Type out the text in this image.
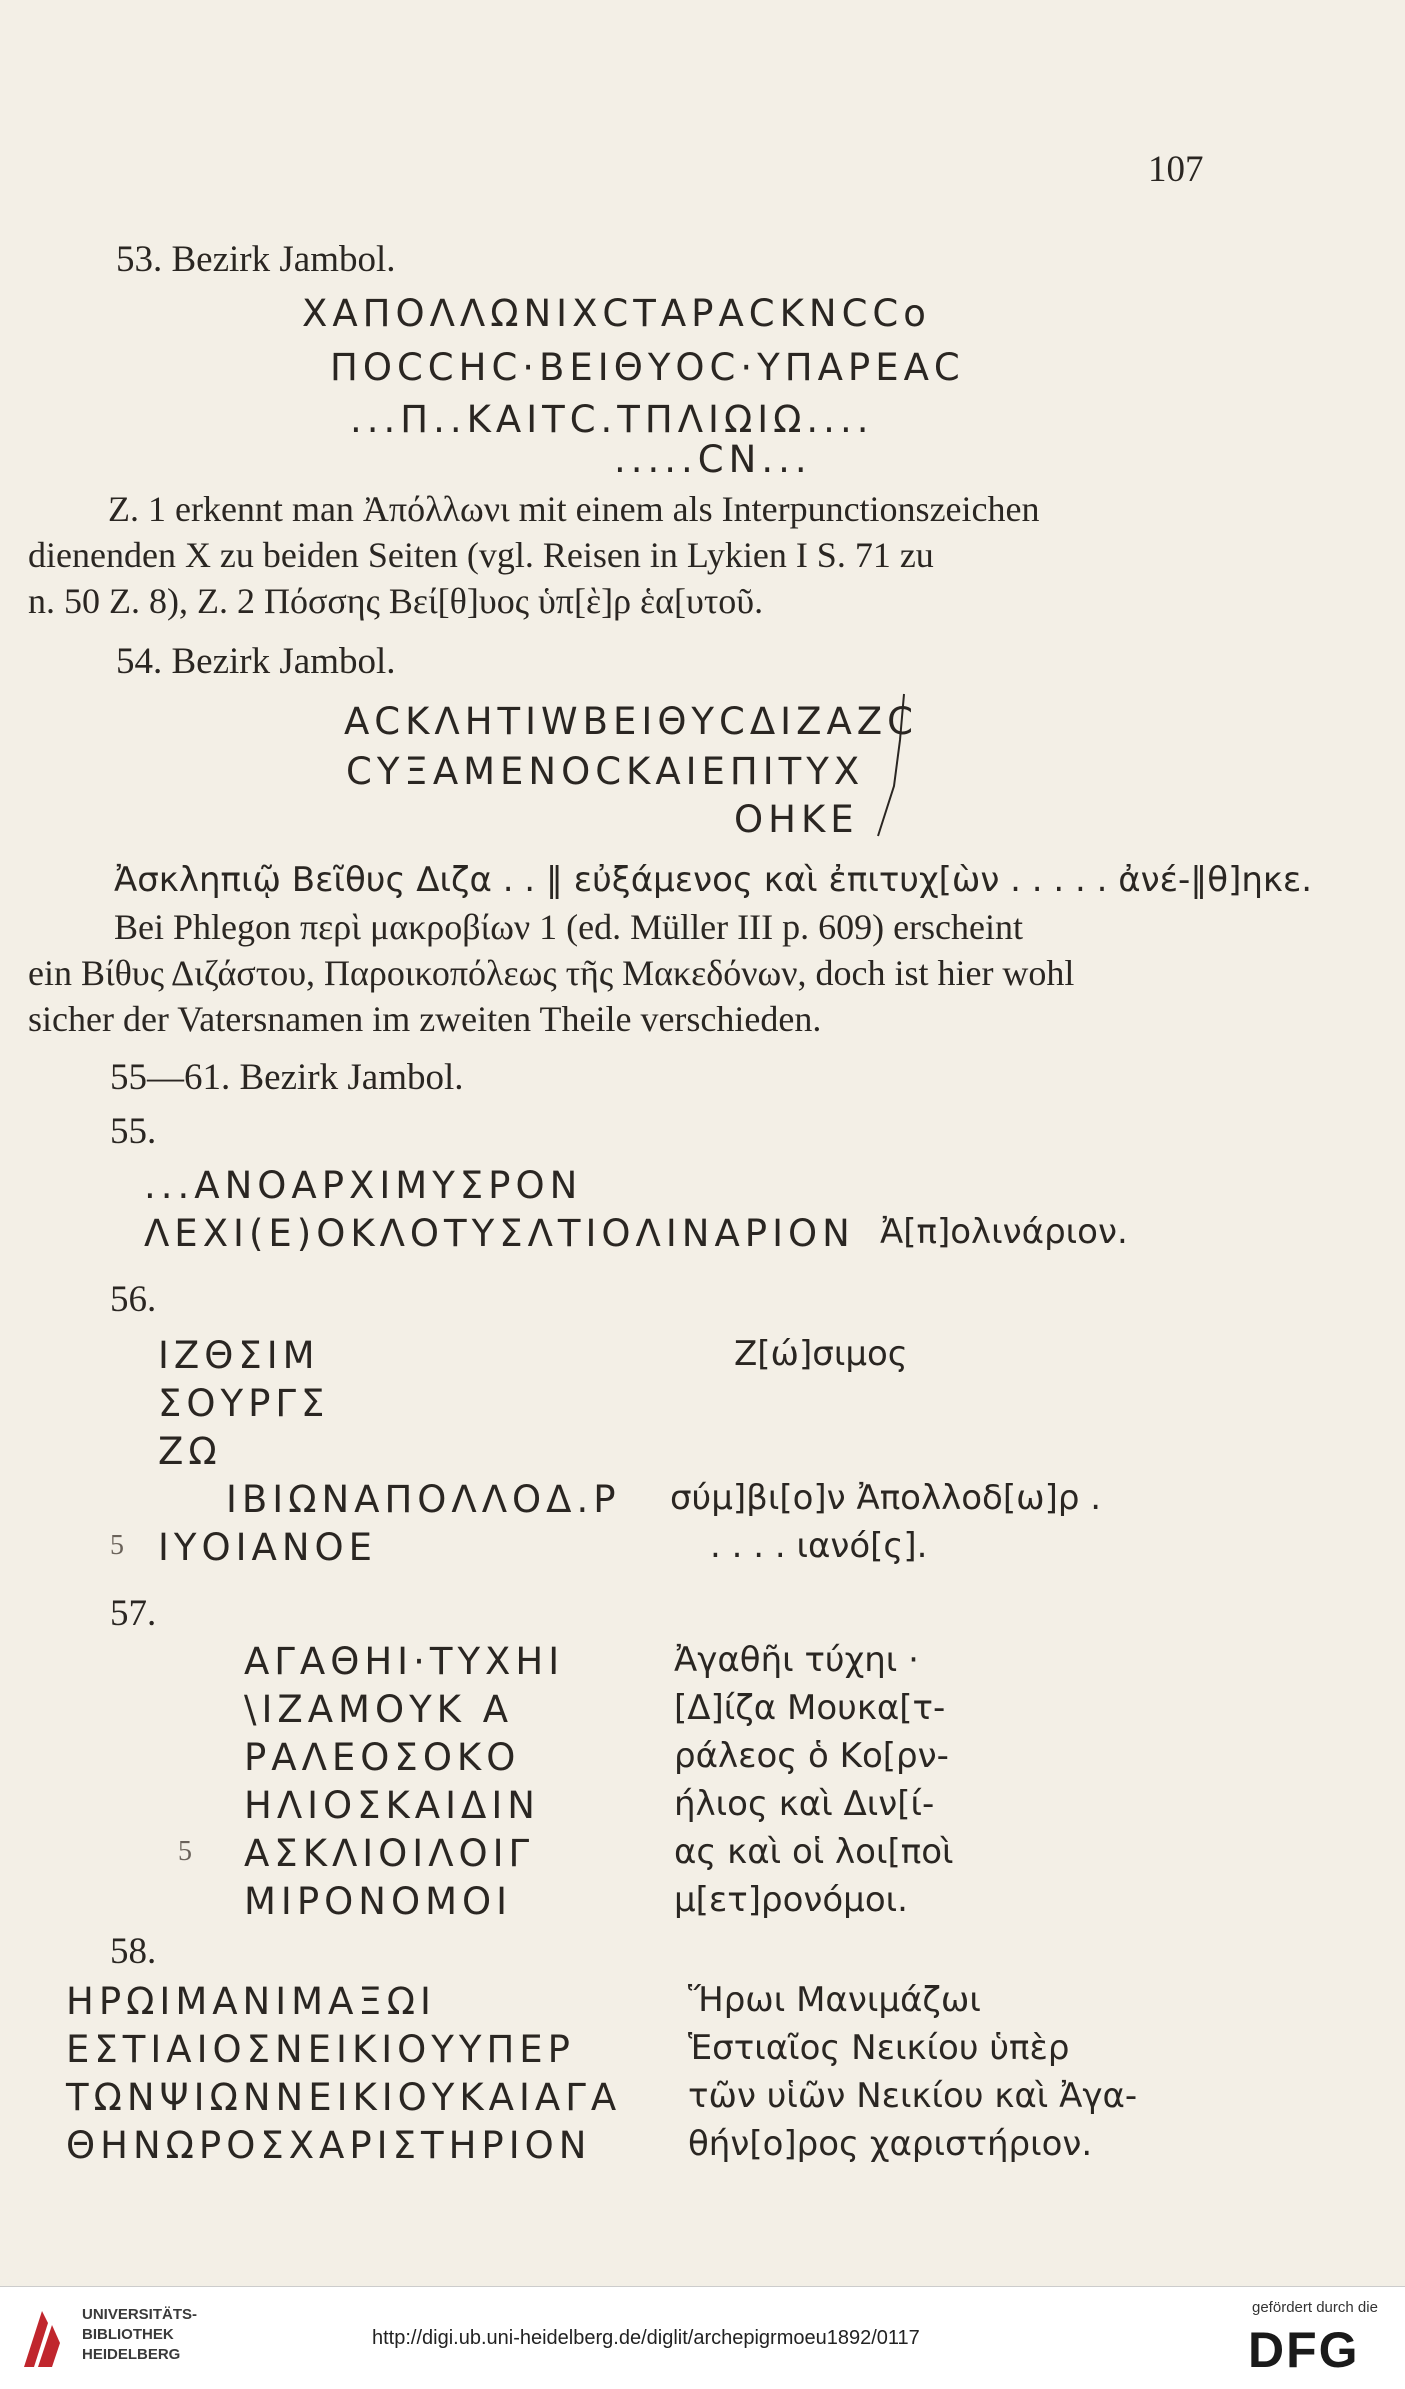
107
53. Bezirk Jambol.
ΧΑΠΟΛΛΩΝΙΧCΤΑΡΑCΚΝCCo
ΠΟCCΗC·ΒΕΙΘΥΟC·ΥΠΑΡΕΑC
...Π..ΚΑΙΤC.ΤΠΛΙΩΙΩ....
.....CN...
Z. 1 erkennt man Ἀπόλλωνι mit einem als Interpunctionszeichen
dienenden X zu beiden Seiten (vgl. Reisen in Lykien I S. 71 zu
n. 50 Z. 8), Z. 2 Πόσσης Βεί[θ]υος ὑπ[ὲ]ρ ἑα[υτοῦ.
54. Bezirk Jambol.
ΑCΚΛΗΤΙWΒΕΙΘΥCΔΙΖΑΖC
CΥΞΑΜΕΝΟCΚΑΙΕΠΙΤΥΧ
ΟΗΚΕ
Ἀσκληπιῷ Βεῖθυς Διζα . . ‖ εὐξάμενος καὶ ἐπιτυχ[ὼν . . . . . ἀνέ-‖θ]ηκε.
Bei Phlegon περὶ μακροβίων 1 (ed. Müller III p. 609) erscheint
ein Βίθυς Διζάστου, Παροικοπόλεως τῆς Μακεδόνων, doch ist hier wohl
sicher der Vatersnamen im zweiten Theile verschieden.
55—61. Bezirk Jambol.
55.
...ΑΝΟΑΡΧΙΜΥΣΡΟΝ
ΛΕΧΙ(Ε)ΟΚΛΟΤΥΣΛΤΙΟΛΙΝΑΡΙΟΝ Ἀ[π]ολινάριον.
56.
ΙΖΘΣΙΜ
ΣΟΥΡΓΣ
ΖΩ
ΙΒΙΩΝΑΠΟΛΛΟΔ.Ρ
5 ΙΥΟΙΑΝΟΕ
Ζ[ώ]σιμος
σύμ]βι[ο]ν Ἀπολλοδ[ω]ρ .
. . . . ιανό[ς].
57.
ΑΓΑΘΗΙ·ΤΥΧΗΙ
\ΙΖΑΜΟΥΚ Α
ΡΑΛΕΟΣΟΚΟ
ΗΛΙΟΣΚΑΙΔΙΝ
5 ΑΣΚΛΙΟΙΛΟΙΓ
ΜΙΡΟΝΟΜΟΙ
Ἀγαθῆι τύχηι ·
[Δ]ίζα Μουκα[τ-
ράλεος ὁ Κο[ρν-
ήλιος καὶ Διν[ί-
ας καὶ οἱ λοι[ποὶ
μ[ετ]ρονόμοι.
58.
ΗΡΩΙΜΑΝΙΜΑΞΩΙ
ΕΣΤΙΑΙΟΣΝΕΙΚΙΟΥΥΠΕΡ
ΤΩΝΨΙΩΝΝΕΙΚΙΟΥΚΑΙΑΓΑ
ΘΗΝΩΡΟΣΧΑΡΙΣΤΗΡΙΟΝ
Ἥρωι Μανιμάζωι
Ἑστιαῖος Νεικίου ὑπὲρ
τῶν υἱῶν Νεικίου καὶ Ἀγα-
θήν[ο]ρος χαριστήριον.
UNIVERSITÄTS-
BIBLIOTHEK
HEIDELBERG
http://digi.ub.uni-heidelberg.de/diglit/archepigrmoeu1892/0117
gefördert durch die
DFG
